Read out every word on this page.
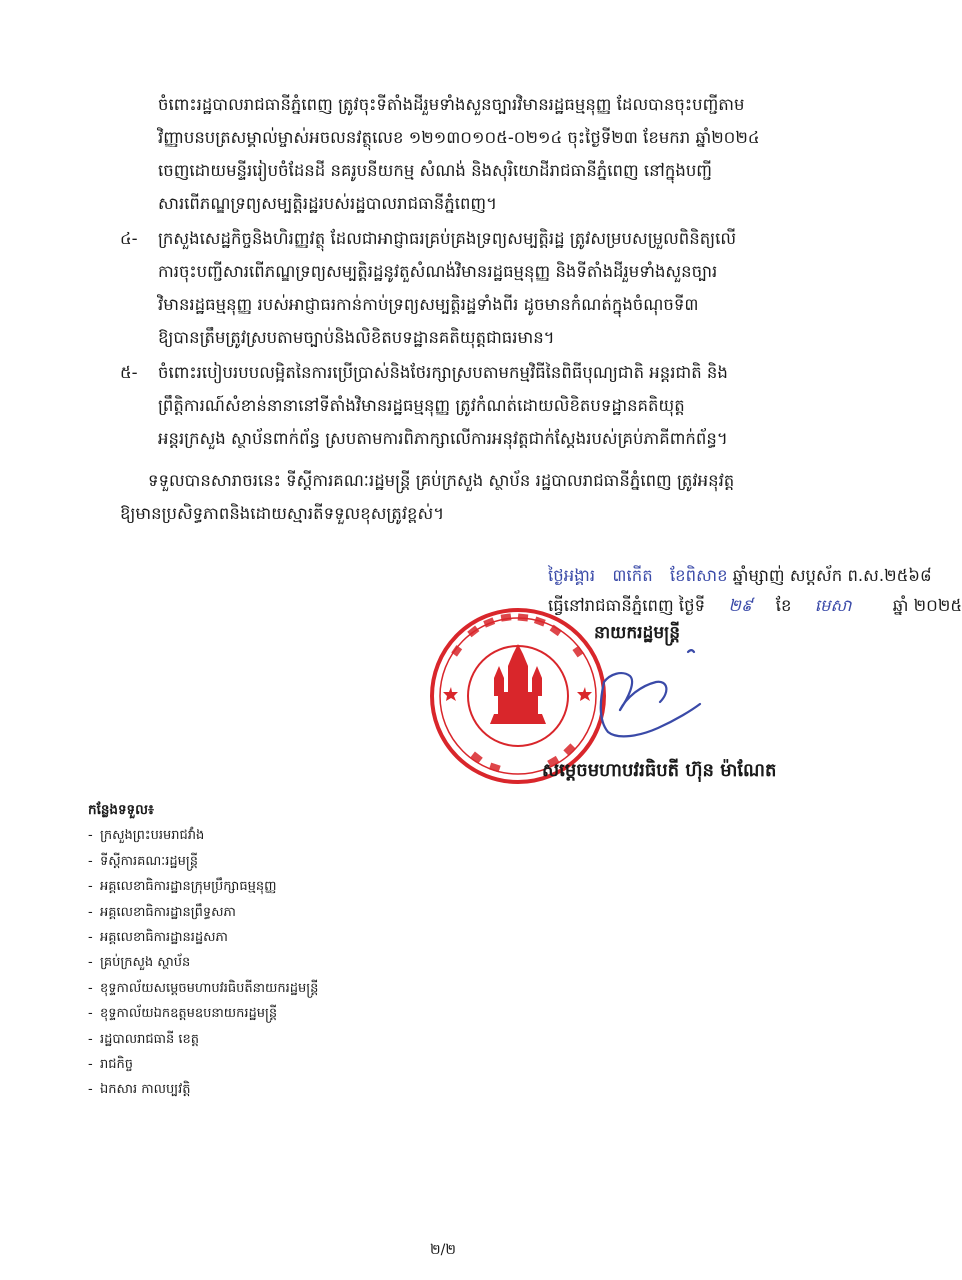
ចំពោះរដ្ឋបាលរាជធានីភ្នំពេញ ត្រូវចុះទីតាំងដីរួមទាំងសួនច្បារវិមានរដ្ឋធម្មនុញ្ញ ដែលបានចុះបញ្ជីតាម
វិញ្ញាបនបត្រសម្គាល់ម្ចាស់អចលនវត្ថុលេខ ១២១៣០១០៥-០២១៤ ចុះថ្ងៃទី២៣ ខែមករា ឆ្នាំ២០២៤
ចេញដោយមន្ទីររៀបចំដែនដី នគរូបនីយកម្ម សំណង់ និងសុរិយោដីរាជធានីភ្នំពេញ នៅក្នុងបញ្ជី
សារពើភណ្ឌទ្រព្យសម្បត្តិរដ្ឋរបស់រដ្ឋបាលរាជធានីភ្នំពេញ។
៤- ក្រសួងសេដ្ឋកិច្ចនិងហិរញ្ញវត្ថុ ដែលជាអាជ្ញាធរគ្រប់គ្រងទ្រព្យសម្បត្តិរដ្ឋ ត្រូវសម្របសម្រួលពិនិត្យលើ
ការចុះបញ្ជីសារពើភណ្ឌទ្រព្យសម្បត្តិរដ្ឋនូវតួសំណង់វិមានរដ្ឋធម្មនុញ្ញ និងទីតាំងដីរួមទាំងសួនច្បារ
វិមានរដ្ឋធម្មនុញ្ញ របស់អាជ្ញាធរកាន់កាប់ទ្រព្យសម្បត្តិរដ្ឋទាំងពីរ ដូចមានកំណត់ក្នុងចំណុចទី៣
ឱ្យបានត្រឹមត្រូវស្របតាមច្បាប់និងលិខិតបទដ្ឋានគតិយុត្តជាធរមាន។
៥- ចំពោះរបៀបរបបលម្អិតនៃការប្រើប្រាស់និងថែរក្សាស្របតាមកម្មវិធីនៃពិធីបុណ្យជាតិ អន្តរជាតិ និង
ព្រឹត្តិការណ៍សំខាន់នានានៅទីតាំងវិមានរដ្ឋធម្មនុញ្ញ ត្រូវកំណត់ដោយលិខិតបទដ្ឋានគតិយុត្ត
អន្តរក្រសួង ស្ថាប័នពាក់ព័ន្ធ ស្របតាមការពិភាក្សាលើការអនុវត្តជាក់ស្តែងរបស់គ្រប់ភាគីពាក់ព័ន្ធ។
ទទួលបានសារាចរនេះ ទីស្តីការគណៈរដ្ឋមន្ត្រី គ្រប់ក្រសួង ស្ថាប័ន រដ្ឋបាលរាជធានីភ្នំពេញ ត្រូវអនុវត្ត
ឱ្យមានប្រសិទ្ធភាពនិងដោយស្មារតីទទួលខុសត្រូវខ្ពស់។
ថ្ងៃអង្គារ ៣កើត ខែពិសាខ ឆ្នាំម្សាញ់ សប្តស័ក ព.ស.២៥៦៨
ធ្វើនៅរាជធានីភ្នំពេញ ថ្ងៃទី ២៩ ខែ មេសា	ឆ្នាំ ២០២៥
នាយករដ្ឋមន្ត្រី
សម្តេចមហាបវរធិបតី ហ៊ុន ម៉ាណែត
កន្លែងទទួល៖
- ក្រសួងព្រះបរមរាជវាំង
- ទីស្តីការគណៈរដ្ឋមន្ត្រី
- អគ្គលេខាធិការដ្ឋានក្រុមប្រឹក្សាធម្មនុញ្ញ
- អគ្គលេខាធិការដ្ឋានព្រឹទ្ធសភា
- អគ្គលេខាធិការដ្ឋានរដ្ឋសភា
- គ្រប់ក្រសួង ស្ថាប័ន
- ខុទ្ទកាល័យសម្តេចមហាបវរធិបតីនាយករដ្ឋមន្ត្រី
- ខុទ្ទកាល័យឯកឧត្តមឧបនាយករដ្ឋមន្ត្រី
- រដ្ឋបាលរាជធានី ខេត្ត
- រាជកិច្ច
- ឯកសារ កាលប្បវត្តិ
២/២
